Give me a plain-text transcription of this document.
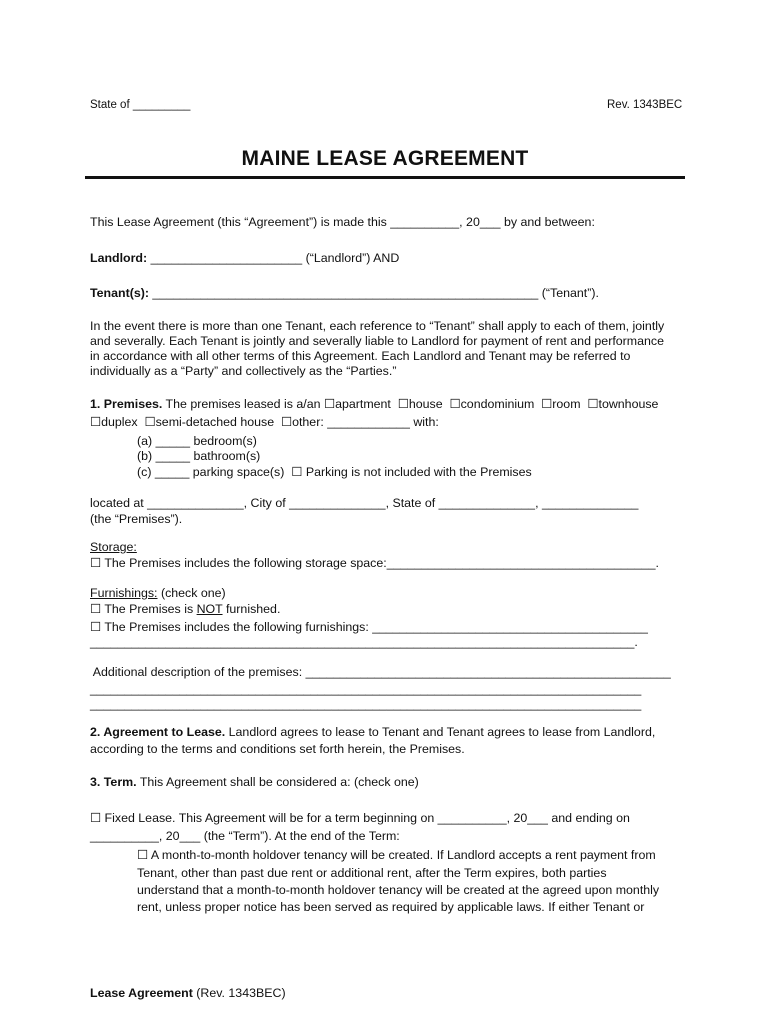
State of _________	Rev. 1343BEC
MAINE LEASE AGREEMENT
This Lease Agreement (this “Agreement”) is made this __________, 20___ by and between:
Landlord: ______________________ (“Landlord”) AND
Tenant(s): ________________________________________________________ (“Tenant”).
In the event there is more than one Tenant, each reference to “Tenant” shall apply to each of them, jointly
and severally. Each Tenant is jointly and severally liable to Landlord for payment of rent and performance
in accordance with all other terms of this Agreement. Each Landlord and Tenant may be referred to
individually as a “Party” and collectively as the “Parties.”
1. Premises. The premises leased is a/an ☐apartment  ☐house  ☐condominium  ☐room  ☐townhouse
☐duplex  ☐semi-detached house  ☐other: ____________ with:
(a) _____ bedroom(s)
(b) _____ bathroom(s)
(c) _____ parking space(s)  ☐ Parking is not included with the Premises
located at ______________, City of ______________, State of ______________, ______________
(the “Premises”).
Storage:
☐ The Premises includes the following storage space:_______________________________________.
Furnishings: (check one)
☐ The Premises is NOT furnished.
☐ The Premises includes the following furnishings: ________________________________________
_______________________________________________________________________________.
Additional description of the premises: _____________________________________________________
________________________________________________________________________________
________________________________________________________________________________
2. Agreement to Lease. Landlord agrees to lease to Tenant and Tenant agrees to lease from Landlord,
according to the terms and conditions set forth herein, the Premises.
3. Term. This Agreement shall be considered a: (check one)
☐ Fixed Lease. This Agreement will be for a term beginning on __________, 20___ and ending on
__________, 20___ (the “Term”). At the end of the Term:
☐ A month-to-month holdover tenancy will be created. If Landlord accepts a rent payment from
Tenant, other than past due rent or additional rent, after the Term expires, both parties
understand that a month-to-month holdover tenancy will be created at the agreed upon monthly
rent, unless proper notice has been served as required by applicable laws. If either Tenant or
Lease Agreement (Rev. 1343BEC)
